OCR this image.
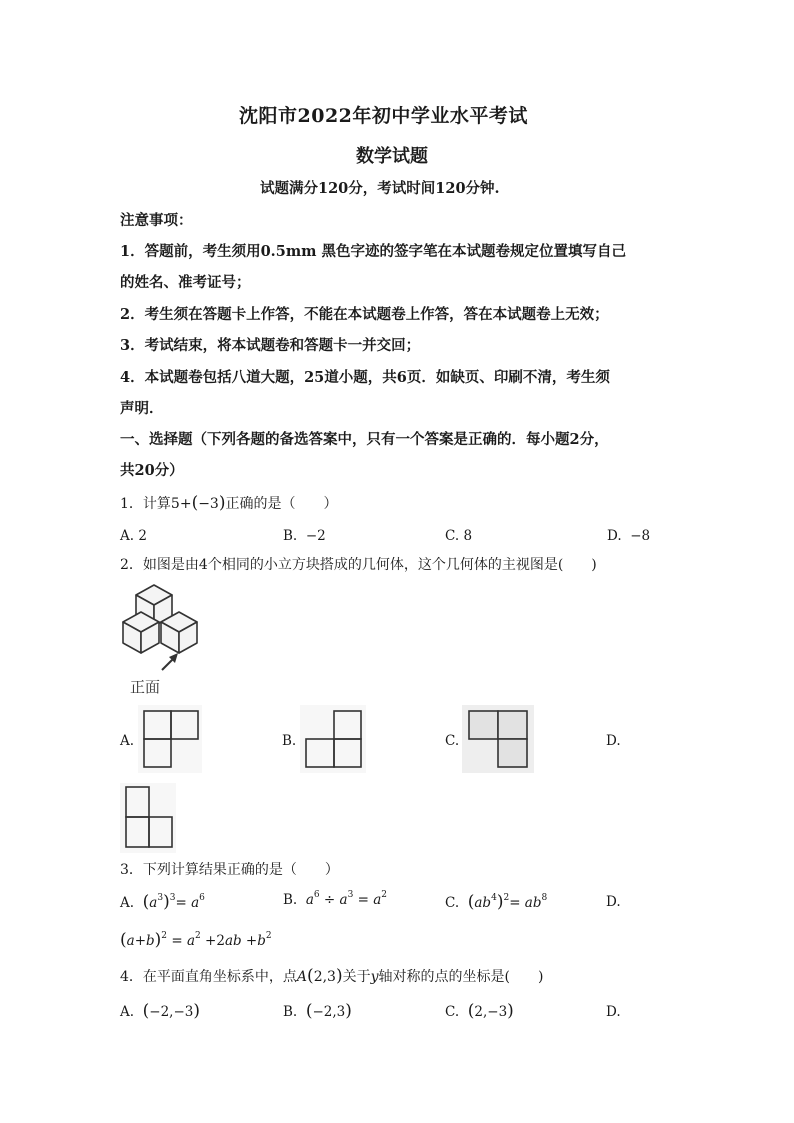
沈阳市2022年初中学业水平考试
数学试题
试题满分120分，考试时间120分钟.
注意事项：
1．答题前，考生须用0.5mm 黑色字迹的签字笔在本试题卷规定位置填写自己
的姓名、准考证号；
2．考生须在答题卡上作答，不能在本试题卷上作答，答在本试题卷上无效；
3．考试结束，将本试题卷和答题卡一并交回；
4．本试题卷包括八道大题，25道小题，共6页．如缺页、印刷不清，考生须
声明．
一、选择题（下列各题的备选答案中，只有一个答案是正确的．每小题2分，
共20分）
1．计算5+(−3)正确的是（　　）
A. 2	B. −2	C. 8	D. −8
2．如图是由4个相同的小立方块搭成的几何体，这个几何体的主视图是(　　)
正面
A.	B.	C.	D.
3．下列计算结果正确的是（　　）
A. $(a^3)^3= a^6$	B. $a^6 \div a^3 = a^2$	C. $(ab^4)^2= ab^8$	D.
$(a+b)^2 = a^2 +2ab +b^2$
4．在平面直角坐标系中，点A(2,3)关于y轴对称的点的坐标是(　　)
A. (−2,−3)	B. (−2,3)	C. (2,−3)	D.
